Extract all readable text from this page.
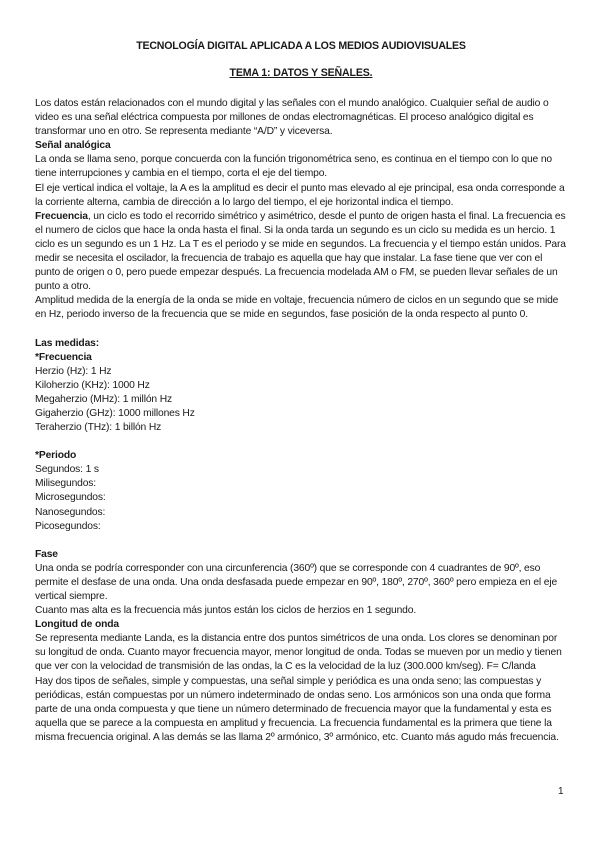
TECNOLOGÍA DIGITAL APLICADA A LOS MEDIOS AUDIOVISUALES
TEMA 1: DATOS Y SEÑALES.

Los datos están relacionados con el mundo digital y las señales con el mundo analógico. Cualquier señal de audio o video es una señal eléctrica compuesta por millones de ondas electromagnéticas. El proceso analógico digital es transformar uno en otro. Se representa mediante “A/D” y viceversa.

Señal analógica

La onda se llama seno, porque concuerda con la función trigonométrica seno, es continua en el tiempo con lo que no tiene interrupciones y cambia en el tiempo, corta el eje del tiempo.

El eje vertical indica el voltaje, la A es la amplitud es decir el punto mas elevado al eje principal, esa onda corresponde a la corriente alterna, cambia de dirección a lo largo del tiempo, el eje horizontal indica el tiempo.

Frecuencia, un ciclo es todo el recorrido simétrico y asimétrico, desde el punto de origen hasta el final. La frecuencia es el numero de ciclos que hace la onda hasta el final. Si la onda tarda un segundo es un ciclo su medida es un hercio. 1 ciclo es un segundo es un 1 Hz. La T es el periodo y se mide en segundos. La frecuencia y el tiempo están unidos. Para medir se necesita el oscilador, la frecuencia de trabajo es aquella que hay que instalar. La fase tiene que ver con el punto de origen o 0, pero puede empezar después. La frecuencia modelada AM o FM, se pueden llevar señales de un punto a otro.

Amplitud medida de la energía de la onda se mide en voltaje, frecuencia número de ciclos en un segundo que se mide en Hz, periodo inverso de la frecuencia que se mide en segundos, fase posición de la onda respecto al punto 0.

Las medidas:

*Frecuencia

Herzio (Hz): 1 Hz

Kiloherzio (KHz): 1000 Hz

Megaherzio (MHz): 1 millón Hz

Gigaherzio (GHz): 1000 millones Hz

Teraherzio (THz): 1 billón Hz

*Periodo

Segundos: 1 s

Milisegundos:

Microsegundos:

Nanosegundos:

Picosegundos:

Fase

Una onda se podría corresponder con una circunferencia (360º) que se corresponde con 4 cuadrantes de 90º, eso permite el desfase de una onda. Una onda desfasada puede empezar en 90º, 180º, 270º, 360º pero empieza en el eje vertical siempre.

Cuanto mas alta es la frecuencia más juntos están los ciclos de herzios en 1 segundo.

Longitud de onda

Se representa mediante Landa, es la distancia entre dos puntos simétricos de una onda. Los clores se denominan por su longitud de onda. Cuanto mayor frecuencia mayor, menor longitud de onda. Todas se mueven por un medio y tienen que ver con la velocidad de transmisión de las ondas, la C es la velocidad de la luz (300.000 km/seg). F= C/landa

Hay dos tipos de señales, simple y compuestas, una señal simple y periódica es una onda seno; las compuestas y periódicas, están compuestas por un número indeterminado de ondas seno. Los armónicos son una onda que forma parte de una onda compuesta y que tiene un número determinado de frecuencia mayor que la fundamental y esta es aquella que se parece a la compuesta en amplitud y frecuencia. La frecuencia fundamental es la primera que tiene la misma frecuencia original. A las demás se las llama 2º armónico, 3º armónico, etc. Cuanto más agudo más frecuencia.

1
